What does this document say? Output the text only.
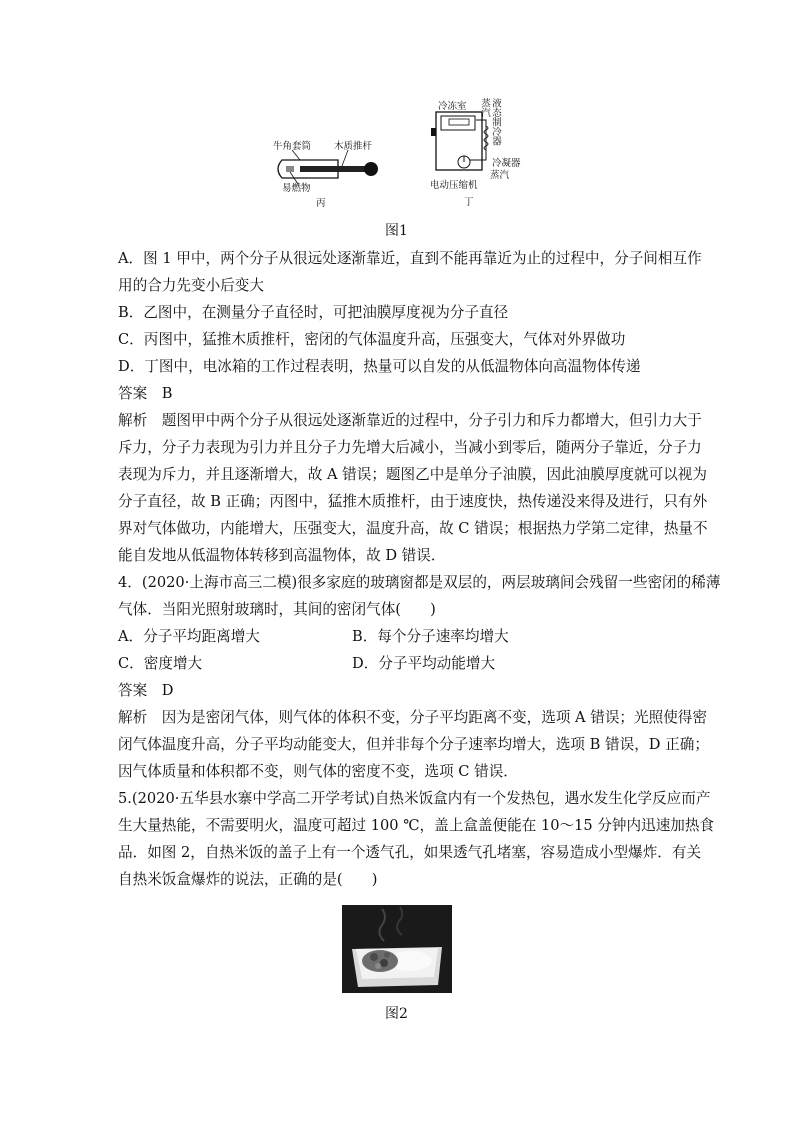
牛角套筒 木质推杆
易燃物
丙
冷冻室 蒸汽 液态制冷器
冷凝器
蒸汽
电动压缩机
丁
图1
A．图 1 甲中，两个分子从很远处逐渐靠近，直到不能再靠近为止的过程中，分子间相互作
用的合力先变小后变大
B．乙图中，在测量分子直径时，可把油膜厚度视为分子直径
C．丙图中，猛推木质推杆，密闭的气体温度升高，压强变大，气体对外界做功
D．丁图中，电冰箱的工作过程表明，热量可以自发的从低温物体向高温物体传递
答案　B
解析　题图甲中两个分子从很远处逐渐靠近的过程中，分子引力和斥力都增大，但引力大于
斥力，分子力表现为引力并且分子力先增大后减小，当减小到零后，随两分子靠近，分子力
表现为斥力，并且逐渐增大，故 A 错误；题图乙中是单分子油膜，因此油膜厚度就可以视为
分子直径，故 B 正确；丙图中，猛推木质推杆，由于速度快，热传递没来得及进行，只有外
界对气体做功，内能增大，压强变大，温度升高，故 C 错误；根据热力学第二定律，热量不
能自发地从低温物体转移到高温物体，故 D 错误．
4．(2020·上海市高三二模)很多家庭的玻璃窗都是双层的，两层玻璃间会残留一些密闭的稀薄
气体．当阳光照射玻璃时，其间的密闭气体(　　)
A．分子平均距离增大	B．每个分子速率均增大
C．密度增大	D．分子平均动能增大
答案　D
解析　因为是密闭气体，则气体的体积不变，分子平均距离不变，选项 A 错误；光照使得密
闭气体温度升高，分子平均动能变大，但并非每个分子速率均增大，选项 B 错误，D 正确；
因气体质量和体积都不变，则气体的密度不变，选项 C 错误．
5.(2020·五华县水寨中学高二开学考试)自热米饭盒内有一个发热包，遇水发生化学反应而产
生大量热能，不需要明火，温度可超过 100 ℃，盖上盒盖便能在 10～15 分钟内迅速加热食
品．如图 2，自热米饭的盖子上有一个透气孔，如果透气孔堵塞，容易造成小型爆炸．有关
自热米饭盒爆炸的说法，正确的是(　　)
图2
